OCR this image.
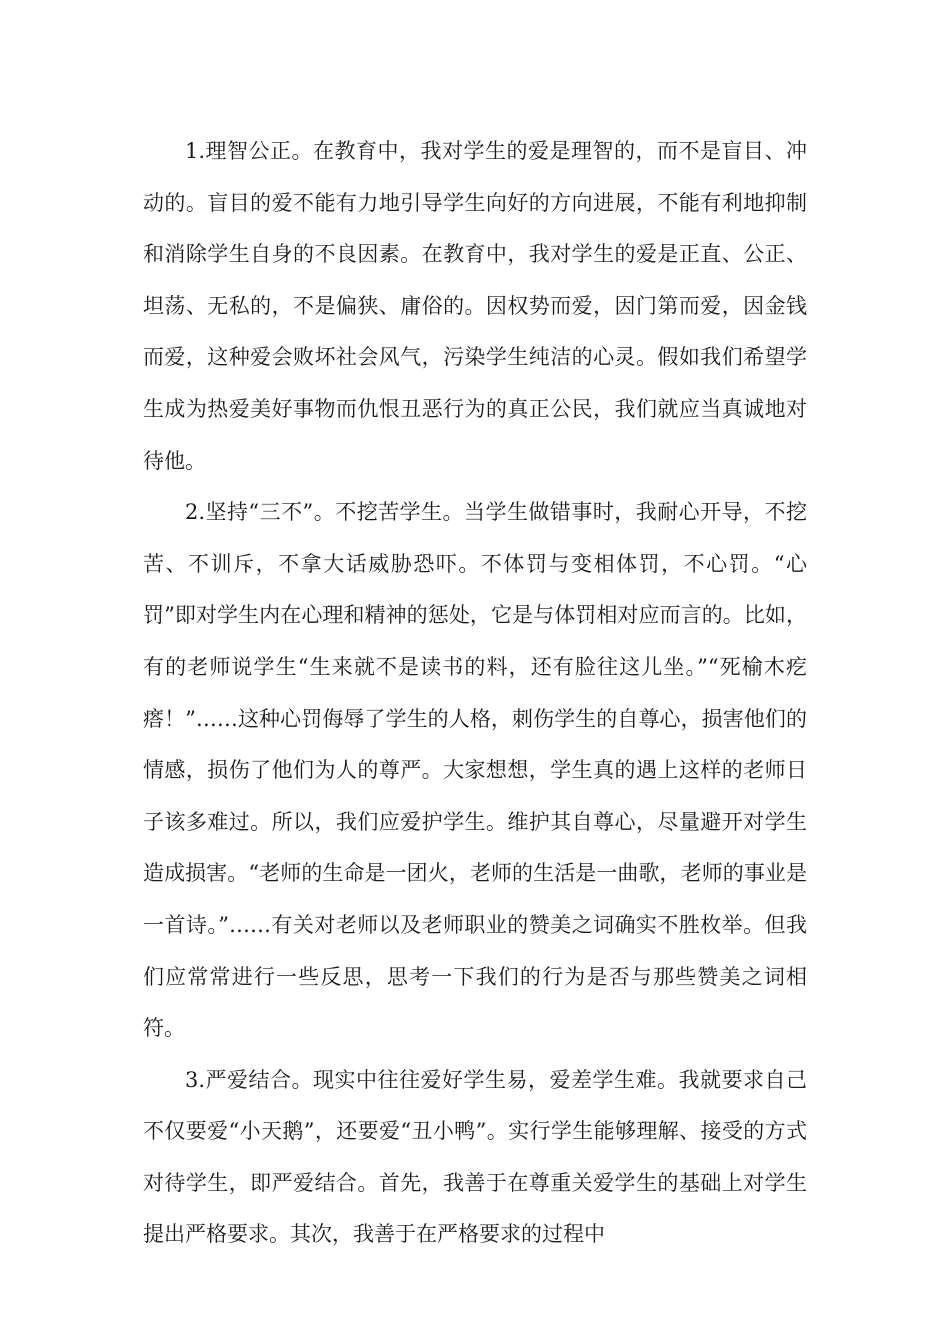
1.理智公正。在教育中，我对学生的爱是理智的，而不是盲目、冲动的。盲目的爱不能有力地引导学生向好的方向进展，不能有利地抑制和消除学生自身的不良因素。在教育中，我对学生的爱是正直、公正、坦荡、无私的，不是偏狭、庸俗的。因权势而爱，因门第而爱，因金钱而爱，这种爱会败坏社会风气，污染学生纯洁的心灵。假如我们希望学生成为热爱美好事物而仇恨丑恶行为的真正公民，我们就应当真诚地对待他。

2.坚持“三不”。不挖苦学生。当学生做错事时，我耐心开导，不挖苦、不训斥，不拿大话威胁恐吓。不体罚与变相体罚，不心罚。“心罚”即对学生内在心理和精神的惩处，它是与体罚相对应而言的。比如，有的老师说学生“生来就不是读书的料，还有脸往这儿坐。”“死榆木疙瘩！”……这种心罚侮辱了学生的人格，刺伤学生的自尊心，损害他们的情感，损伤了他们为人的尊严。大家想想，学生真的遇上这样的老师日子该多难过。所以，我们应爱护学生。维护其自尊心，尽量避开对学生造成损害。“老师的生命是一团火，老师的生活是一曲歌，老师的事业是一首诗。”……有关对老师以及老师职业的赞美之词确实不胜枚举。但我们应常常进行一些反思，思考一下我们的行为是否与那些赞美之词相符。

3.严爱结合。现实中往往爱好学生易，爱差学生难。我就要求自己不仅要爱“小天鹅”，还要爱“丑小鸭”。实行学生能够理解、接受的方式对待学生，即严爱结合。首先，我善于在尊重关爱学生的基础上对学生提出严格要求。其次，我善于在严格要求的过程中
